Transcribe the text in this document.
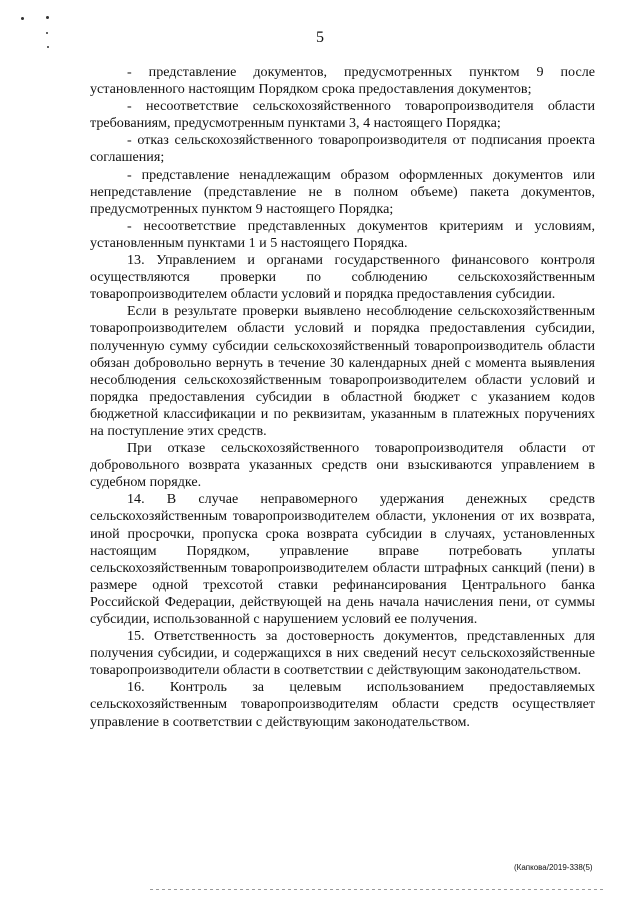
5

- представление документов, предусмотренных пунктом 9 после установленного настоящим Порядком срока предоставления документов;

- несоответствие сельскохозяйственного товаропроизводителя области требованиям, предусмотренным пунктами 3, 4 настоящего Порядка;

- отказ сельскохозяйственного товаропроизводителя от подписания проекта соглашения;

- представление ненадлежащим образом оформленных документов или непредставление (представление не в полном объеме) пакета документов, предусмотренных пунктом 9 настоящего Порядка;

- несоответствие представленных документов критериям и условиям, установленным пунктами 1 и 5 настоящего Порядка.

13. Управлением и органами государственного финансового контроля осуществляются проверки по соблюдению сельскохозяйственным товаропроизводителем области условий и порядка предоставления субсидии.

Если в результате проверки выявлено несоблюдение сельскохозяйственным товаропроизводителем области условий и порядка предоставления субсидии, полученную сумму субсидии сельскохозяйственный товаропроизводитель области обязан добровольно вернуть в течение 30 календарных дней с момента выявления несоблюдения сельскохозяйственным товаропроизводителем области условий и порядка предоставления субсидии в областной бюджет с указанием кодов бюджетной классификации и по реквизитам, указанным в платежных поручениях на поступление этих средств.

При отказе сельскохозяйственного товаропроизводителя области от добровольного возврата указанных средств они взыскиваются управлением в судебном порядке.

14. В случае неправомерного удержания денежных средств сельскохозяйственным товаропроизводителем области, уклонения от их возврата, иной просрочки, пропуска срока возврата субсидии в случаях, установленных настоящим Порядком, управление вправе потребовать уплаты сельскохозяйственным товаропроизводителем области штрафных санкций (пени) в размере одной трехсотой ставки рефинансирования Центрального банка Российской Федерации, действующей на день начала начисления пени, от суммы субсидии, использованной с нарушением условий ее получения.

15. Ответственность за достоверность документов, представленных для получения субсидии, и содержащихся в них сведений несут сельскохозяйственные товаропроизводители области в соответствии с действующим законодательством.

16. Контроль за целевым использованием предоставляемых сельскохозяйственным товаропроизводителям области средств осуществляет управление в соответствии с действующим законодательством.

(Капкова/2019-338(5)
